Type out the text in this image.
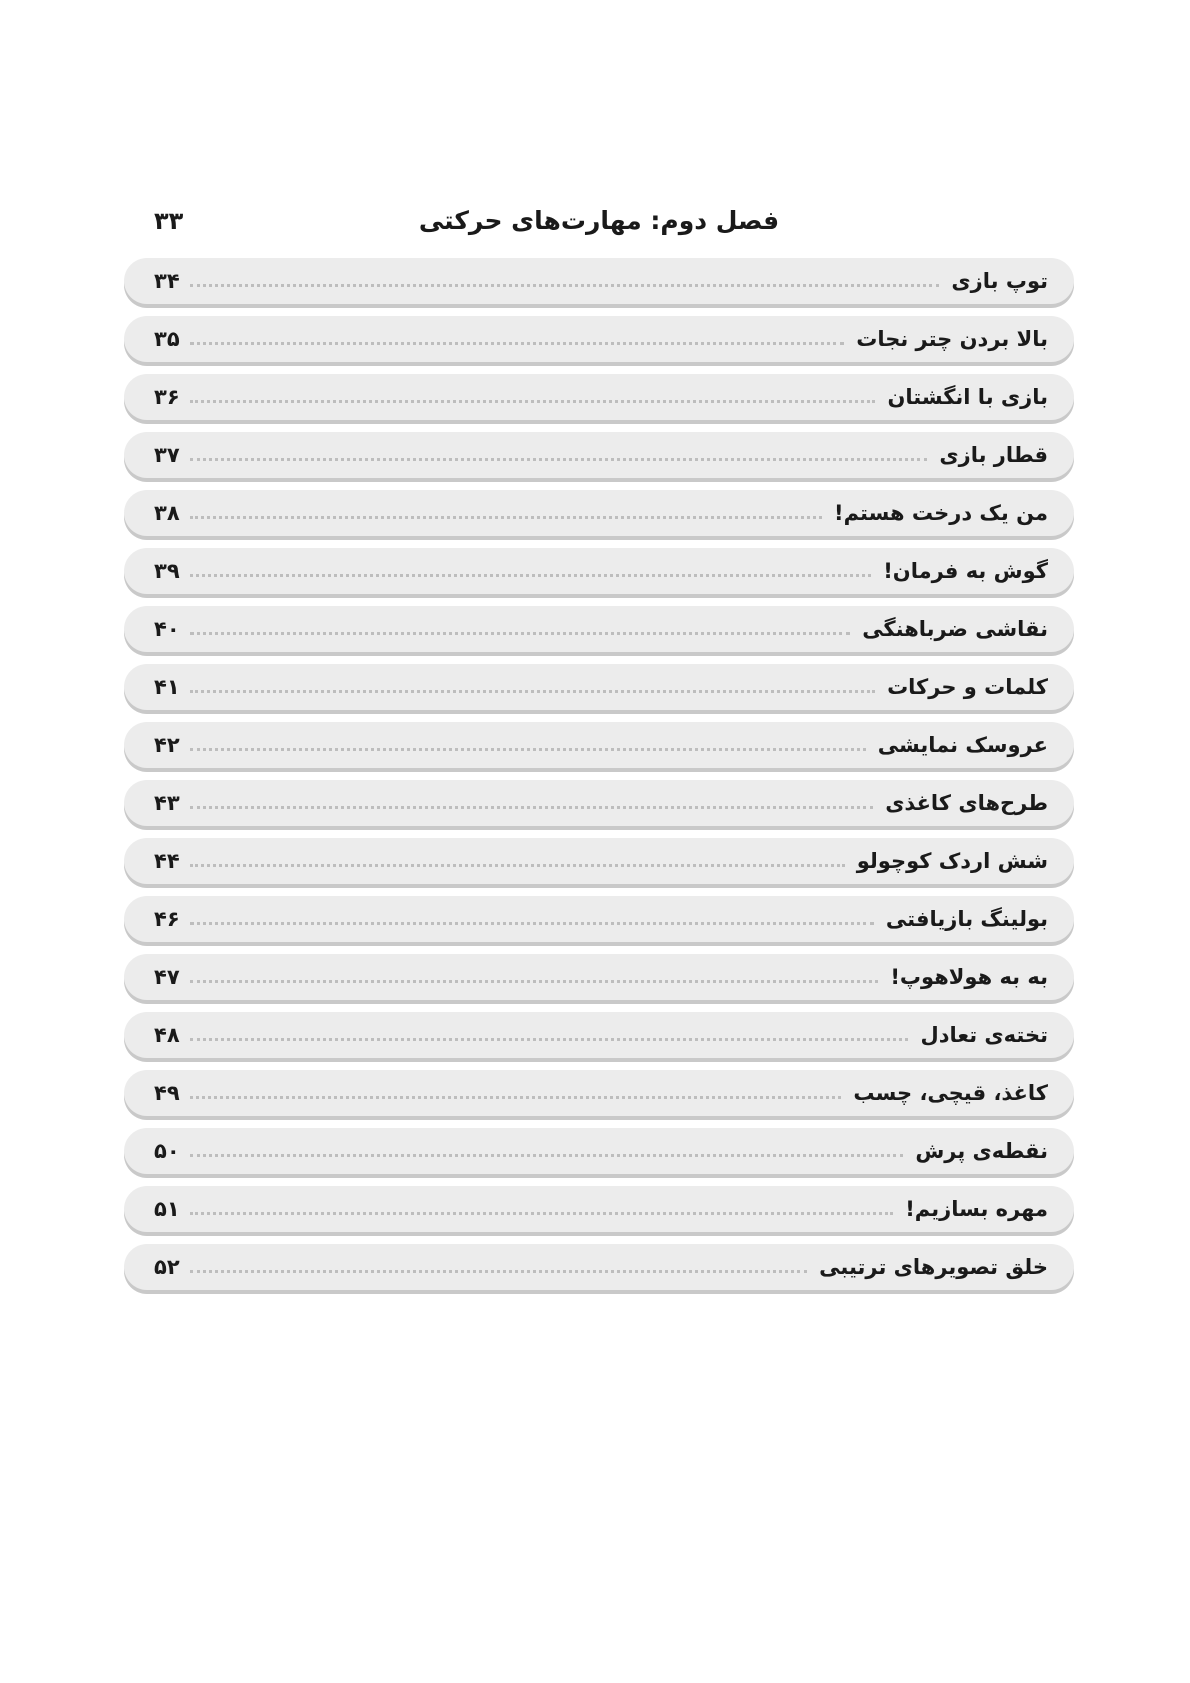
فصل دوم: مهارت‌های حرکتی
۳۳
توپ بازی
۳۴
بالا بردن چتر نجات
۳۵
بازی با انگشتان
۳۶
قطار بازی
۳۷
من یک درخت هستم!
۳۸
گوش به فرمان!
۳۹
نقاشی ضرباهنگی
۴۰
کلمات و حرکات
۴۱
عروسک نمایشی
۴۲
طرح‌های کاغذی
۴۳
شش اردک کوچولو
۴۴
بولینگ بازیافتی
۴۶
به به هولاهوپ!
۴۷
تخته‌ی تعادل
۴۸
کاغذ، قیچی، چسب
۴۹
نقطه‌ی پرش
۵۰
مهره بسازیم!
۵۱
خلق تصویرهای ترتیبی
۵۲
